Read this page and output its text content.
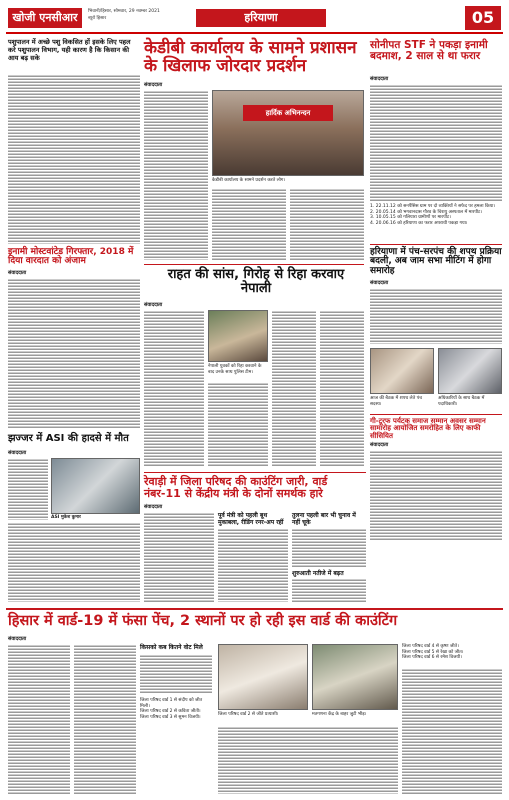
खोजी एनसीआर	भिवानी/हिसार, सोमवार, 29 नवम्बर 2021
ब्यूरो हिसार	हरियाणा	05
पशुपालन में अच्छे पशु विकसित हों इसके लिए पहल करे पशुपालन विभाग, यही कारण है कि किसान की आय बढ़ सके
इनामी मोस्टवांटेड गिरफ्तार, 2018 में दिया वारदात को अंजाम
संवाददाता
झज्जर में ASI की हादसे में मौत
संवाददाता
ASI मुकेश कुमार
केडीबी कार्यालय के सामने प्रशासन के खिलाफ जोरदार प्रदर्शन
संवाददाता
हार्दिक अभिनन्दन
केडीबी कार्यालय के सामने प्रदर्शन करते लोग।
राहत की सांस, गिरोह से रिहा करवाए नेपाली
संवाददाता
नेपाली युवकों को रिहा करवाने के बाद उनके साथ पुलिस टीम।
सोनीपत STF ने पकड़ा इनामी बदमाश, 2 साल से था फरार
संवाददाता
1. 22.11.12 को सनपैसिस ग्राम पर दो व्यक्तियों ने सफेद पर हमला किया।
2. 20.05.14 को भगवानदास गौरव के चिरायु अस्पताल में मारपीट।
3. 10.05.15 को गलियारा ग्रामीणों पर मारपीट।
4. 20.06.16 को हरियाणा का फरार अपराधी पकड़ा गया।
हरियाणा में पंच-सरपंच की शपथ प्रक्रिया बदली, अब जाम सभा मीटिंग में होगा समारोह
संवाददाता
आज की बैठक में शपथ लेते पंच सदस्य।
अधिकारियों के साथ बैठक में पदाधिकारी।
गी-टूरफ पर्यटक समाज सम्मान अवसर सम्मान सामारोह आयोजित समरोहित के लिए काफी सीसियित
संवाददाता
रेवाड़ी में जिला परिषद की काउंटिंग जारी, वार्ड नंबर-11 से केंद्रीय मंत्री के दोनों समर्थक हारे
संवाददाता
पूर्व मंत्री को पहली बूथ मुकाबला, रीडिंग रनर-अप रहीं
तुलना पहली बार भी चुनाव में नहीं चूके
शुरुआती नतीजे में बढ़त
हिसार में वार्ड-19 में फंसा पेंच, 2 स्थानों पर हो रही इस वार्ड की काउंटिंग
संवाददाता
किसको कब कितने वोट मिले
जिला परिषद वार्ड 2 से जीते प्रत्याशी।	मतगणना केंद्र के बाहर जुटी भीड़।
जिला परिषद वार्ड 1 से संदीप को जीत मिली।
जिला परिषद वार्ड 2 से कविता जीती।
जिला परिषद वार्ड 3 से सुमन विजयी।
जिला परिषद वार्ड 4 से कृष्ण जीते।
जिला परिषद वार्ड 5 से रेखा को जीत।
जिला परिषद वार्ड 6 से रमेश विजयी।
